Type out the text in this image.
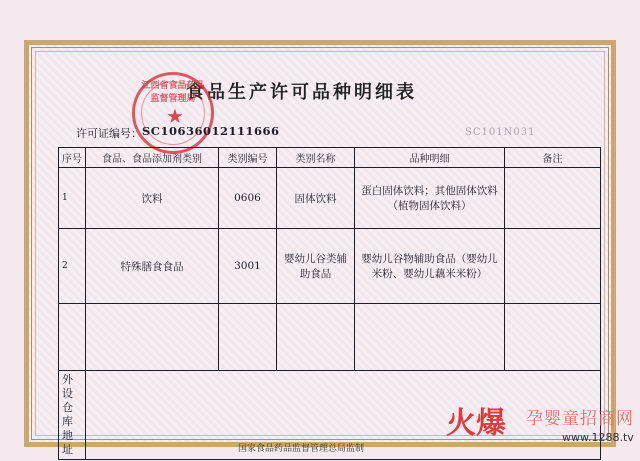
食品生产许可品种明细表
江西省食品药品监督管理局
★
许可证编号： SC10636012111666	SC101N031
序号	食品、食品添加剂类别	类别编号	类别名称	品种明细	备注
1	饮料	0606	固体饮料	蛋白固体饮料；其他固体饮料（植物固体饮料）	
2	特殊膳食食品	3001	婴幼儿谷类辅助食品	婴幼儿谷物辅助食品（婴幼儿米粉、婴幼儿藕米米粉）	

外设仓库地址						国家食品药品监督管理总局监制
火爆 孕婴童招商网
www.1288.tv
